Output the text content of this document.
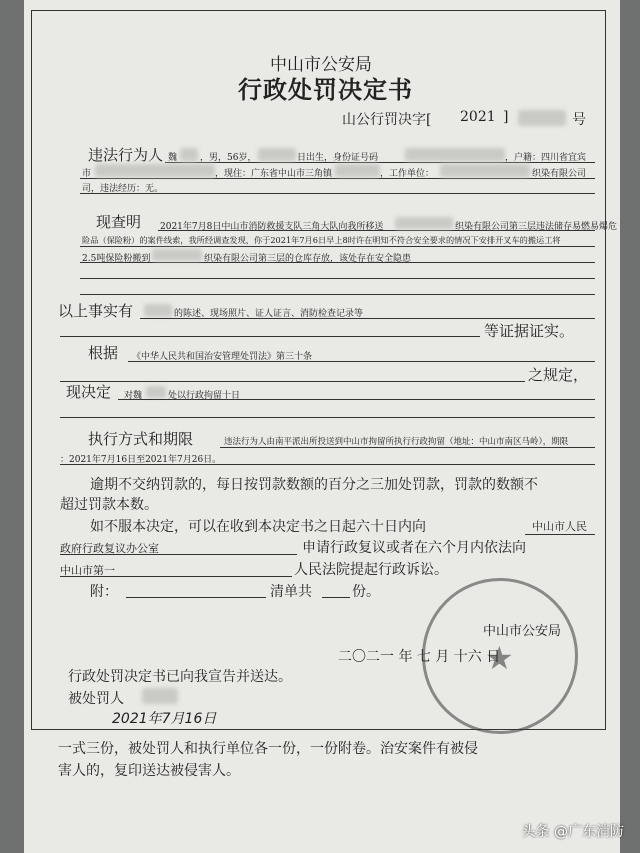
中山市公安局
行政处罚决定书
山公行罚决字[ 2021 ]	号
违法行为人 魏	，男，56岁，	日出生，身份证号码	，户籍：四川省宜宾
市	，现住：广东省中山市三角镇	，工作单位：	织染有限公司
司，违法经历：无。
现查明 2021年7月8日中山市消防救援支队三角大队向我所移送	织染有限公司第三层违法储存易燃易爆危
险品（保险粉）的案件线索，我所经调查发现，你于2021年7月6日早上8时许在明知不符合安全要求的情况下安排开叉车的搬运工将
2.5吨保险粉搬到	织染有限公司第三层的仓库存放，该处存在安全隐患
以上事实有	的陈述、现场照片、证人证言、消防检查记录等
等证据证实。
根据 《中华人民共和国治安管理处罚法》第三十条
之规定，
现决定 对魏	处以行政拘留十日
执行方式和期限	违法行为人由南平派出所投送到中山市拘留所执行行政拘留（地址：中山市南区马岭），期限
：2021年7月16日至2021年7月26日。
逾期不交纳罚款的，每日按罚款数额的百分之三加处罚款，罚款的数额不
超过罚款本数。
如不服本决定，可以在收到本决定书之日起六十日内向	中山市人民
政府行政复议办公室	申请行政复议或者在六个月内依法向
中山市第一	人民法院提起行政诉讼。
附：	清单共	份。
★
中山市公安局
二〇二一 年 七 月 十六 日
行政处罚决定书已向我宣告并送达。
被处罚人
2021年7月16日
一式三份，被处罚人和执行单位各一份，一份附卷。治安案件有被侵
害人的，复印送达被侵害人。
头条 @广东消防
